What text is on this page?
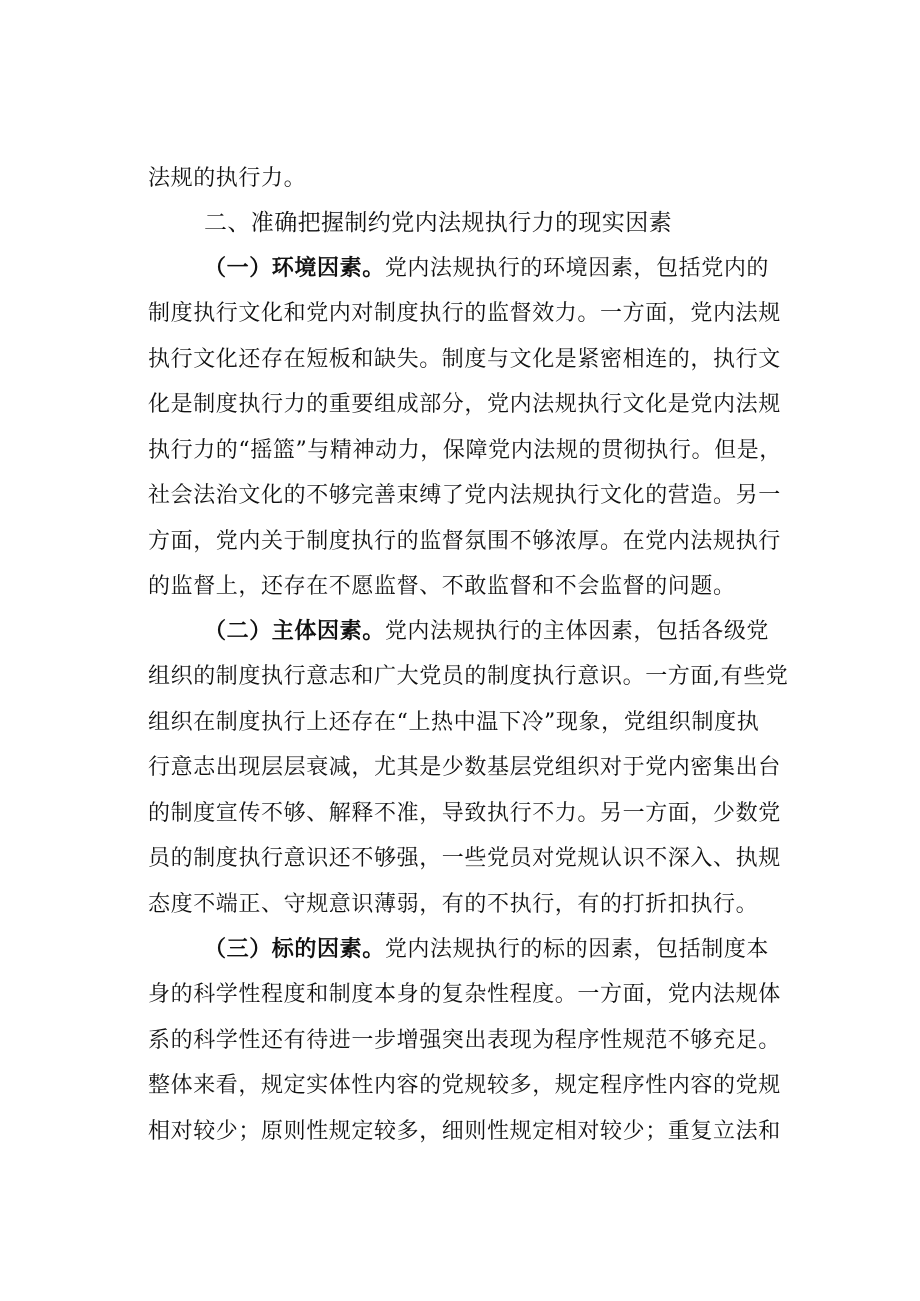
法规的执行力。
二、准确把握制约党内法规执行力的现实因素
（一）环境因素。党内法规执行的环境因素，包括党内的
制度执行文化和党内对制度执行的监督效力。一方面，党内法规
执行文化还存在短板和缺失。制度与文化是紧密相连的，执行文
化是制度执行力的重要组成部分，党内法规执行文化是党内法规
执行力的“摇篮”与精神动力，保障党内法规的贯彻执行。但是，
社会法治文化的不够完善束缚了党内法规执行文化的营造。另一
方面，党内关于制度执行的监督氛围不够浓厚。在党内法规执行
的监督上，还存在不愿监督、不敢监督和不会监督的问题。
（二）主体因素。党内法规执行的主体因素，包括各级党
组织的制度执行意志和广大党员的制度执行意识。一方面,有些党
组织在制度执行上还存在“上热中温下冷”现象，党组织制度执
行意志出现层层衰减，尤其是少数基层党组织对于党内密集出台
的制度宣传不够、解释不准，导致执行不力。另一方面，少数党
员的制度执行意识还不够强，一些党员对党规认识不深入、执规
态度不端正、守规意识薄弱，有的不执行，有的打折扣执行。
（三）标的因素。党内法规执行的标的因素，包括制度本
身的科学性程度和制度本身的复杂性程度。一方面，党内法规体
系的科学性还有待进一步增强突出表现为程序性规范不够充足。
整体来看，规定实体性内容的党规较多，规定程序性内容的党规
相对较少；原则性规定较多，细则性规定相对较少；重复立法和
